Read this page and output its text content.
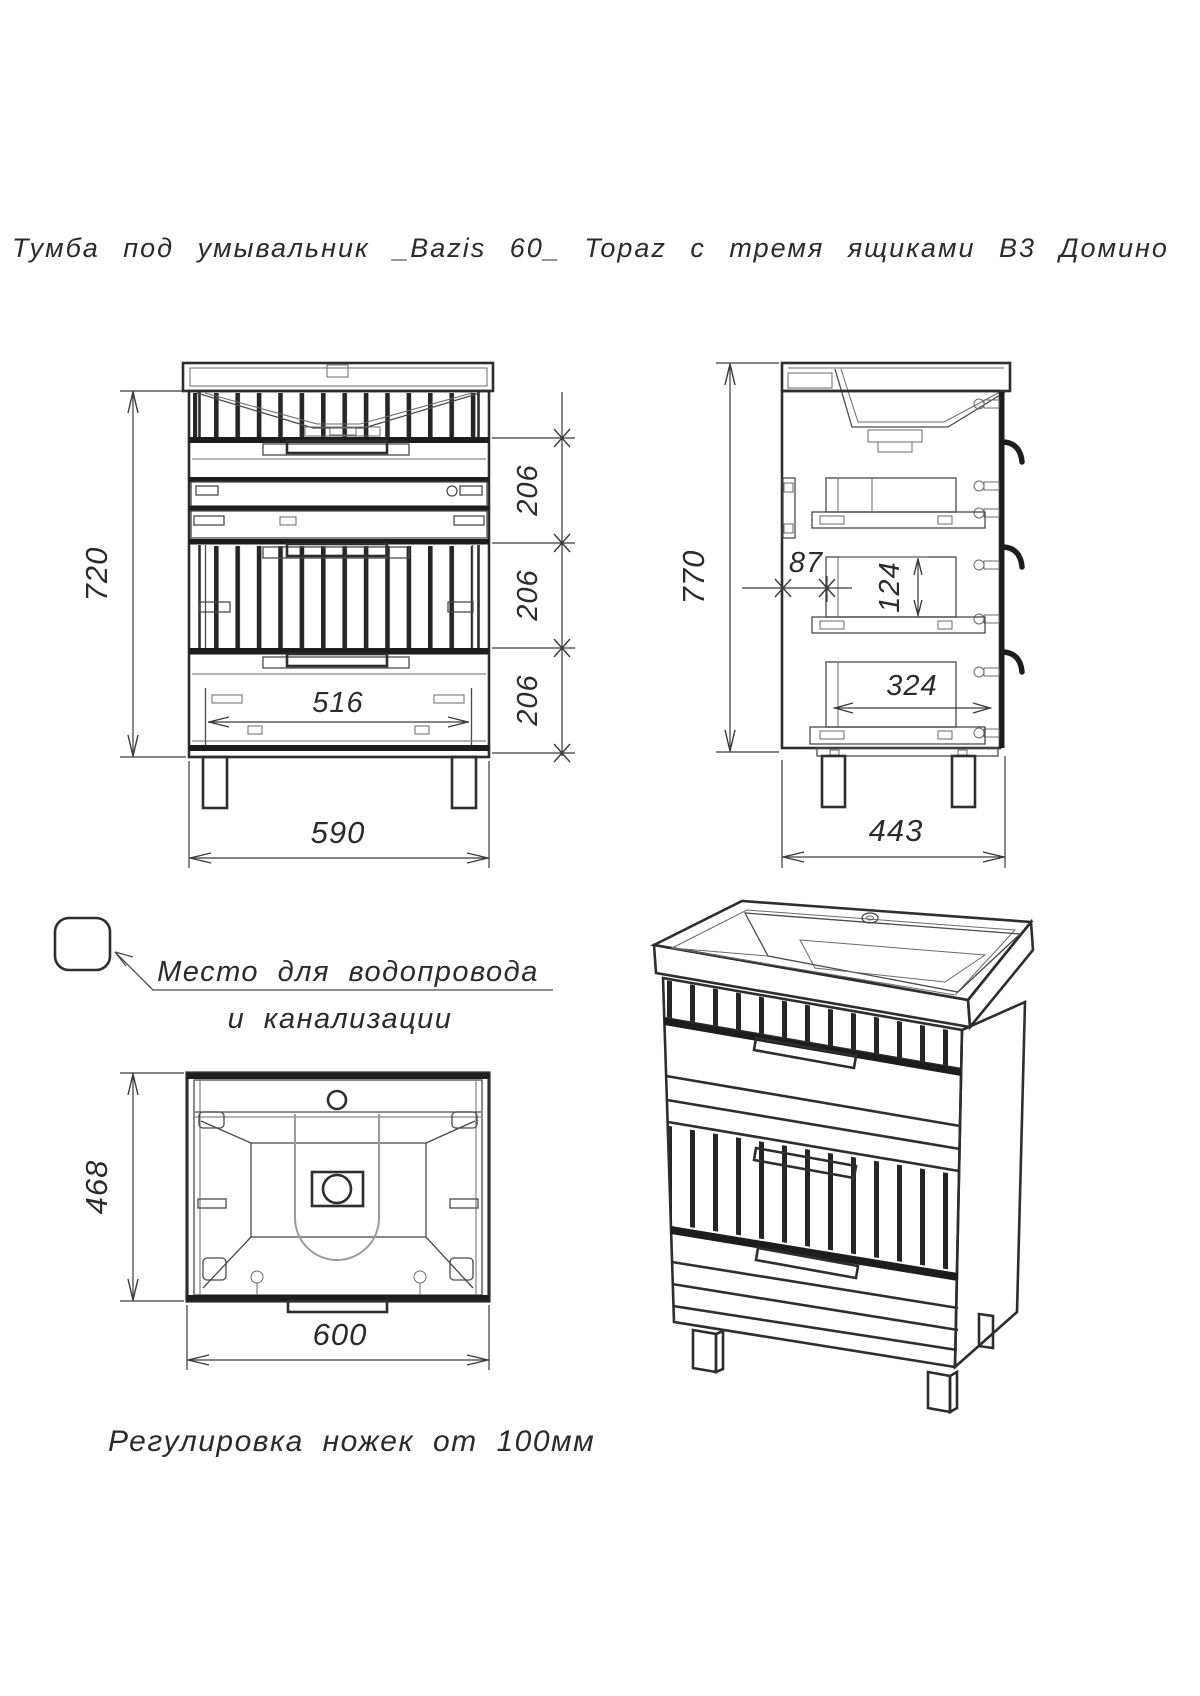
Тумба под умывальник _Bazis 60_ Topaz с тремя ящиками В3 Домино
720
206
206
206
516
590
770	87 124
324
443
Место для водопровода
и канализации
468
600
Регулировка ножек от 100мм
